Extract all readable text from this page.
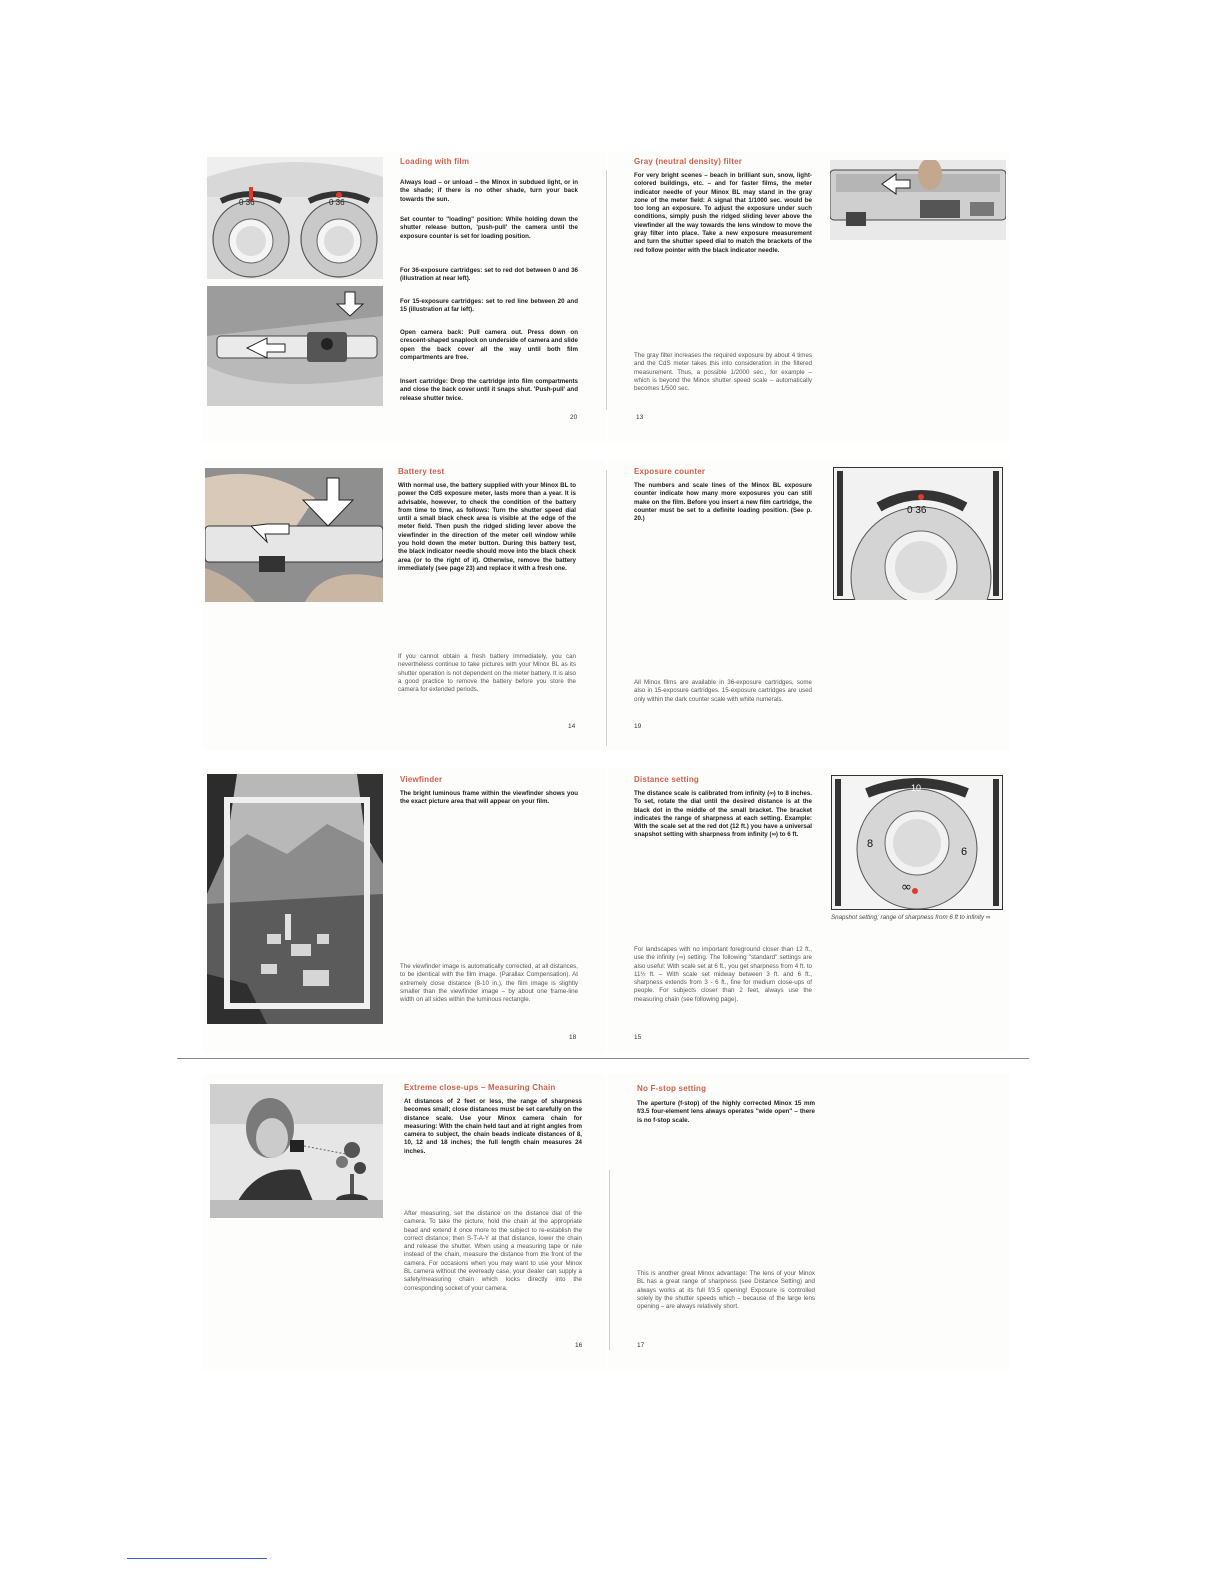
0 36	0 36
Loading with film
Always load – or unload – the Minox in subdued light, or in the shade; if there is no other shade, turn your back towards the sun.
Set counter to "loading" position: While holding down the shutter release button, 'push-pull' the camera until the exposure counter is set for loading position.
For 36-exposure cartridges: set to red dot between 0 and 36 (illustration at near left).
For 15-exposure cartridges: set to red line between 20 and 15 (illustration at far left).
Open camera back: Pull camera out. Press down on crescent-shaped snaplock on underside of camera and slide open the back cover all the way until both film compartments are free.
Insert cartridge: Drop the cartridge into film compartments and close the back cover until it snaps shut. 'Push-pull' and release shutter twice.
20
Gray (neutral density) filter
For very bright scenes – beach in brilliant sun, snow, light-colored buildings, etc. – and for faster films, the meter indicator needle of your Minox BL may stand in the gray zone of the meter field: A signal that 1/1000 sec. would be too long an exposure. To adjust the exposure under such conditions, simply push the ridged sliding lever above the viewfinder all the way towards the lens window to move the gray filter into place. Take a new exposure measurement and turn the shutter speed dial to match the brackets of the red follow pointer with the black indicator needle.
The gray filter increases the required exposure by about 4 times and the CdS meter takes this into consideration in the filtered measurement. Thus, a possible 1/2000 sec., for example – which is beyond the Minox shutter speed scale – automatically becomes 1/500 sec.
13
Battery test
With normal use, the battery supplied with your Minox BL to power the CdS exposure meter, lasts more than a year. It is advisable, however, to check the condition of the battery from time to time, as follows: Turn the shutter speed dial until a small black check area is visible at the edge of the meter field. Then push the ridged sliding lever above the viewfinder in the direction of the meter cell window while you hold down the meter button. During this battery test, the black indicator needle should move into the black check area (or to the right of it). Otherwise, remove the battery immediately (see page 23) and replace it with a fresh one.
If you cannot obtain a fresh battery immediately, you can nevertheless continue to take pictures with your Minox BL as its shutter operation is not dependent on the meter battery. It is also a good practice to remove the battery before you store the camera for extended periods.
14
Exposure counter
The numbers and scale lines of the Minox BL exposure counter indicate how many more exposures you can still make on the film. Before you insert a new film cartridge, the counter must be set to a definite loading position. (See p. 20.)
All Minox films are available in 36-exposure cartridges, some also in 15-exposure cartridges. 15-exposure cartridges are used only within the dark counter scale with white numerals.
19
0 36
Viewfinder
The bright luminous frame within the viewfinder shows you the exact picture area that will appear on your film.
The viewfinder image is automatically corrected, at all distances, to be identical with the film image. (Parallax Compensation). At extremely close distance (8-10 in.), the film image is slightly smaller than the viewfinder image – by about one frame-line width on all sides within the luminous rectangle.
18
Distance setting
The distance scale is calibrated from infinity (∞) to 8 inches. To set, rotate the dial until the desired distance is at the black dot in the middle of the small bracket. The bracket indicates the range of sharpness at each setting. Example: With the scale set at the red dot (12 ft.) you have a universal snapshot setting with sharpness from infinity (∞) to 6 ft.
For landscapes with no important foreground closer than 12 ft., use the infinity (∞) setting. The following "standard" settings are also useful: With scale set at 6 ft., you get sharpness from 4 ft. to 11½ ft. – With scale set midway between 3 ft. and 6 ft., sharpness extends from 3 - 6 ft., fine for medium close-ups of people. For subjects closer than 2 feet, always use the measuring chain (see following page).
15
10
8
6
∞
Snapshot setting; range of sharpness from 6 ft to infinity ∞
Extreme close-ups – Measuring Chain
At distances of 2 feet or less, the range of sharpness becomes small; close distances must be set carefully on the distance scale. Use your Minox camera chain for measuring: With the chain held taut and at right angles from camera to subject, the chain beads indicate distances of 8, 10, 12 and 18 inches; the full length chain measures 24 inches.
After measuring, set the distance on the distance dial of the camera. To take the picture, hold the chain at the appropriate bead and extend it once more to the subject to re-establish the correct distance; then S-T-A-Y at that distance, lower the chain and release the shutter. When using a measuring tape or rule instead of the chain, measure the distance from the front of the camera. For occasions when you may want to use your Minox BL camera without the eveready case, your dealer can supply a safety/measuring chain which locks directly into the corresponding socket of your camera.
16
No F-stop setting
The aperture (f-stop) of the highly corrected Minox 15 mm f/3.5 four-element lens always operates "wide open" – there is no f-stop scale.
This is another great Minox advantage: The lens of your Minox BL has a great range of sharpness (see Distance Setting) and always works at its full f/3.5 opening! Exposure is controlled solely by the shutter speeds which – because of the large lens opening – are always relatively short.
17
